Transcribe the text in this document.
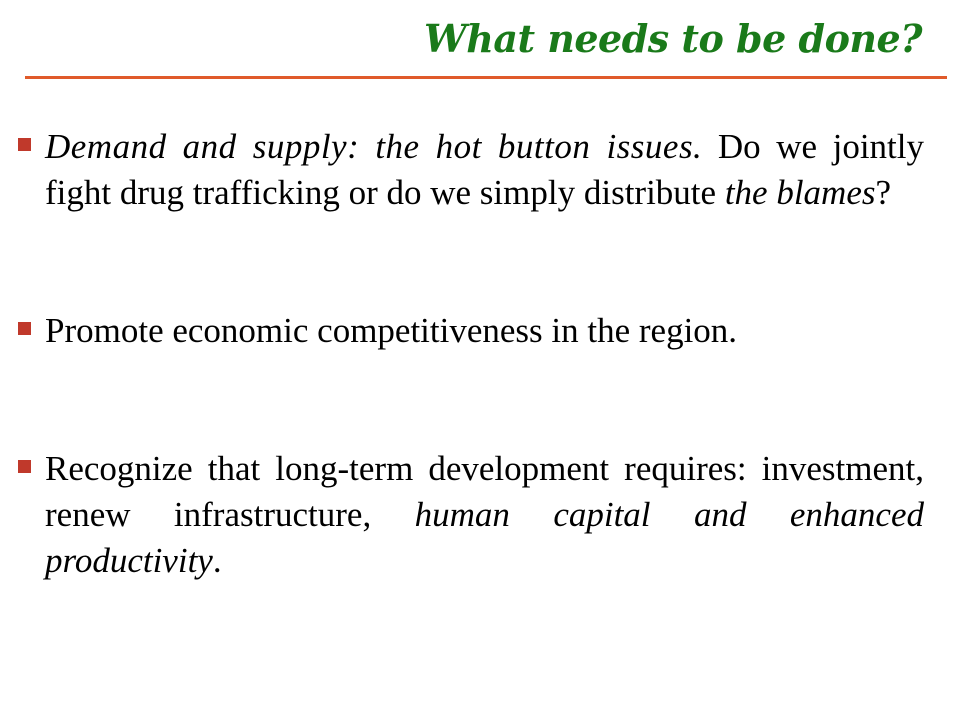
What needs to be done?
Demand and supply: the hot button issues. Do we jointly fight drug trafficking or do we simply distribute the blames?
Promote economic competitiveness in the region.
Recognize that long-term development requires: investment, renew infrastructure, human capital and enhanced productivity.
